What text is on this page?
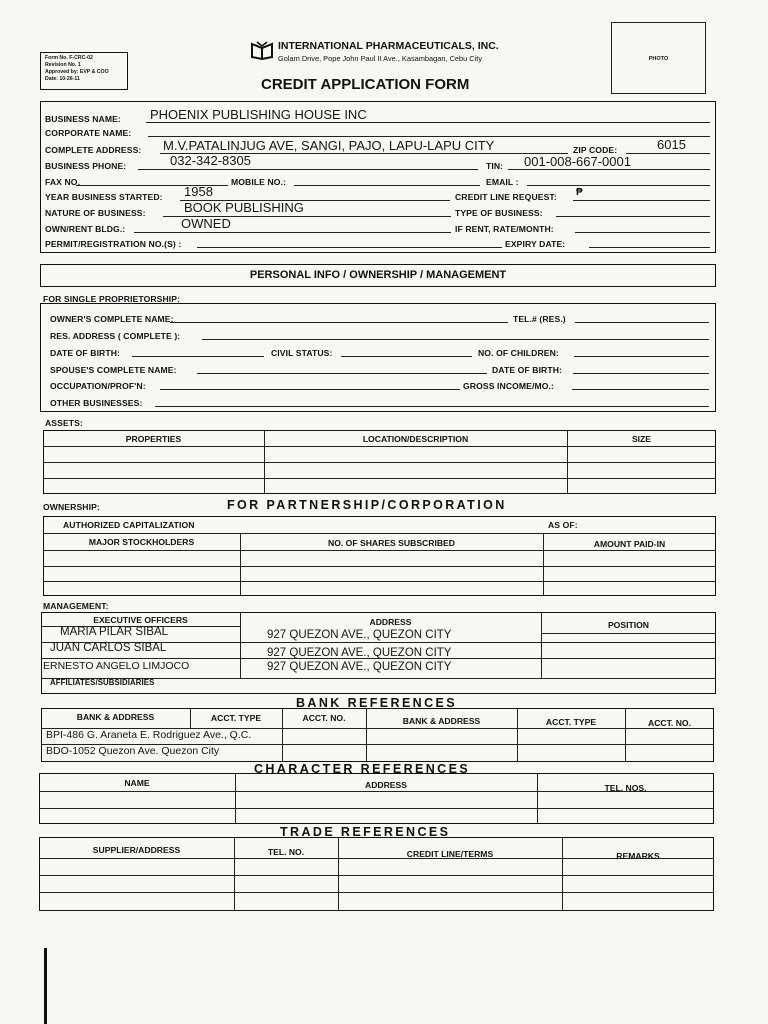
Form No. F-CRC-02
Revision No. 1
Approved by: EVP & COO
Date: 10-26-11
INTERNATIONAL PHARMACEUTICALS, INC.
Golam Drive, Pope John Paul II Ave., Kasambagan, Cebu City
CREDIT APPLICATION FORM
PHOTO
BUSINESS NAME: PHOENIX PUBLISHING HOUSE INC
CORPORATE NAME:
COMPLETE ADDRESS: M.V.PATALINJUG AVE, SANGI, PAJO, LAPU-LAPU CITY	ZIP CODE:	6015
BUSINESS PHONE:	032-342-8305	TIN: 001-008-667-0001
FAX NO.	MOBILE NO.:	EMAIL :
YEAR BUSINESS STARTED: 1958	CREDIT LINE REQUEST: ₱
NATURE OF BUSINESS:	BOOK PUBLISHING	TYPE OF BUSINESS:
OWN/RENT BLDG.:	OWNED	IF RENT, RATE/MONTH:
PERMIT/REGISTRATION NO.(S) :	EXPIRY DATE:
PERSONAL INFO / OWNERSHIP / MANAGEMENT
FOR SINGLE PROPRIETORSHIP:
OWNER'S COMPLETE NAME:	TEL.# (RES.)
RES. ADDRESS ( COMPLETE ):
DATE OF BIRTH:	CIVIL STATUS:	NO. OF CHILDREN:
SPOUSE'S COMPLETE NAME:	DATE OF BIRTH:
OCCUPATION/PROF'N:	GROSS INCOME/MO.:
OTHER BUSINESSES:
ASSETS:
PROPERTIES	LOCATION/DESCRIPTION	SIZE
OWNERSHIP:	FOR PARTNERSHIP/CORPORATION
AUTHORIZED CAPITALIZATION	AS OF:
MAJOR STOCKHOLDERS	NO. OF SHARES SUBSCRIBED	AMOUNT PAID-IN
MANAGEMENT:
EXECUTIVE OFFICERS	ADDRESS	POSITION
MARIA PILAR SIBAL	927 QUEZON AVE., QUEZON CITY
JUAN CARLOS SIBAL	927 QUEZON AVE., QUEZON CITY
ERNESTO ANGELO LIMJOCO	927 QUEZON AVE., QUEZON CITY
AFFILIATES/SUBSIDIARIES
BANK REFERENCES
BANK & ADDRESS	ACCT. TYPE	ACCT. NO.	BANK & ADDRESS	ACCT. TYPE	ACCT. NO.
BPI-486 G. Araneta E. Rodriguez Ave., Q.C.
BDO-1052 Quezon Ave. Quezon City
CHARACTER REFERENCES
NAME	ADDRESS	TEL. NOS.
TRADE REFERENCES
SUPPLIER/ADDRESS	TEL. NO.	CREDIT LINE/TERMS	REMARKS
